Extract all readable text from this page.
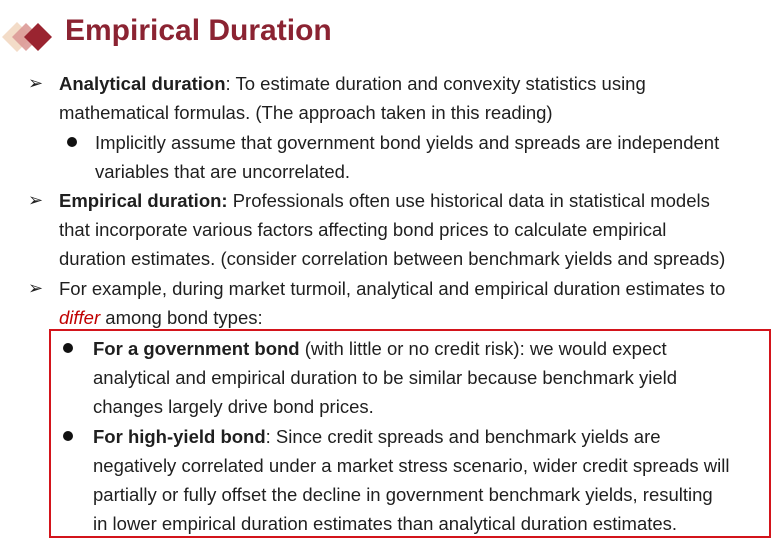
Empirical Duration
➢ Analytical duration: To estimate duration and convexity statistics using
mathematical formulas. (The approach taken in this reading)
Implicitly assume that government bond yields and spreads are independent
variables that are uncorrelated.
➢ Empirical duration: Professionals often use historical data in statistical models
that incorporate various factors affecting bond prices to calculate empirical
duration estimates. (consider correlation between benchmark yields and spreads)
➢ For example, during market turmoil, analytical and empirical duration estimates to
differ among bond types:
For a government bond (with little or no credit risk): we would expect
analytical and empirical duration to be similar because benchmark yield
changes largely drive bond prices.
For high-yield bond: Since credit spreads and benchmark yields are
negatively correlated under a market stress scenario, wider credit spreads will
partially or fully offset the decline in government benchmark yields, resulting
in lower empirical duration estimates than analytical duration estimates.
